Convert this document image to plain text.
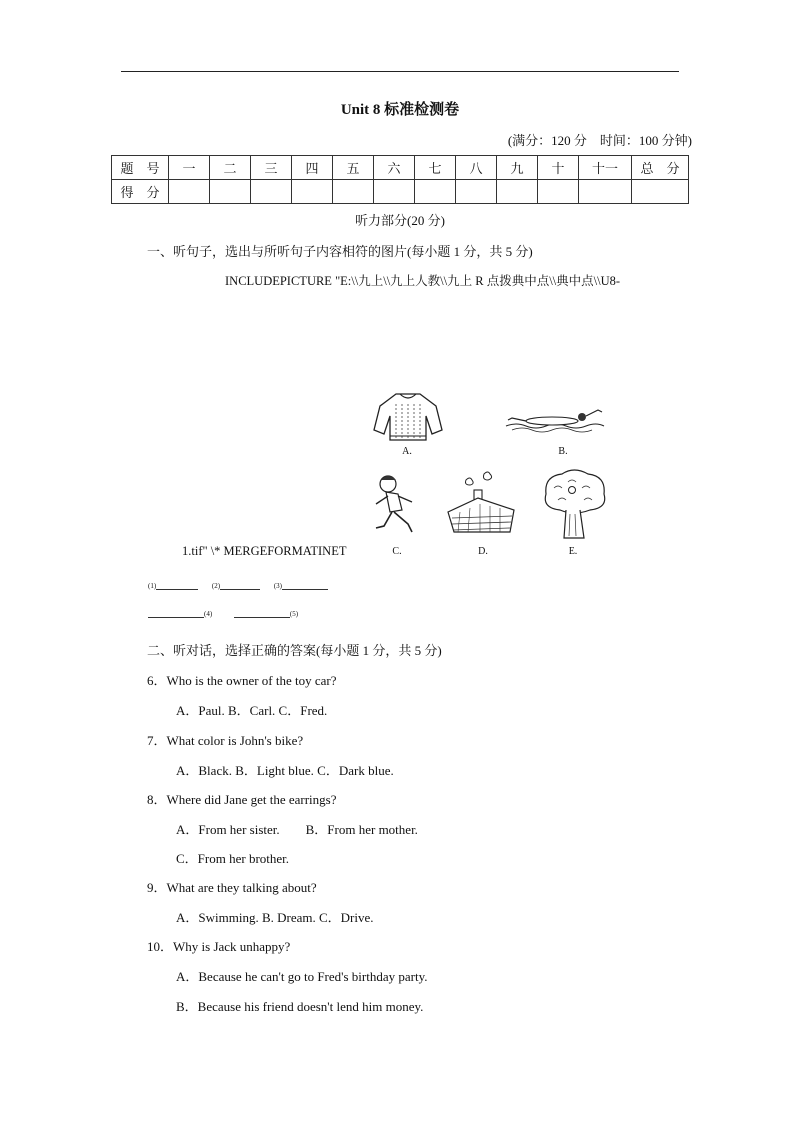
Unit 8 标准检测卷
(满分：120 分　时间：100 分钟)
题　号	一	二	三	四	五	六	七	八	九	十	十一	总　分
得　分												
听力部分(20 分)
一、听句子，选出与所听句子内容相符的图片(每小题 1 分，共 5 分)
INCLUDEPICTURE "E:\\九上\\九上人教\\九上 R 点拨典中点\\典中点\\U8-
A.	B.
C.	D.	E.
1.tif" \* MERGEFORMATINET
(1)	(2)	(3)
(4)	(5)
二、听对话，选择正确的答案(每小题 1 分，共 5 分)
6．Who is the owner of the toy car?
A．Paul. B．Carl. C．Fred.
7．What color is John's bike?
A．Black. B．Light blue. C．Dark blue.
8．Where did Jane get the earrings?
A．From her sister.        B．From her mother.
C．From her brother.
9．What are they talking about?
A．Swimming. B. Dream. C．Drive.
10．Why is Jack unhappy?
A．Because he can't go to Fred's birthday party.
B．Because his friend doesn't lend him money.
